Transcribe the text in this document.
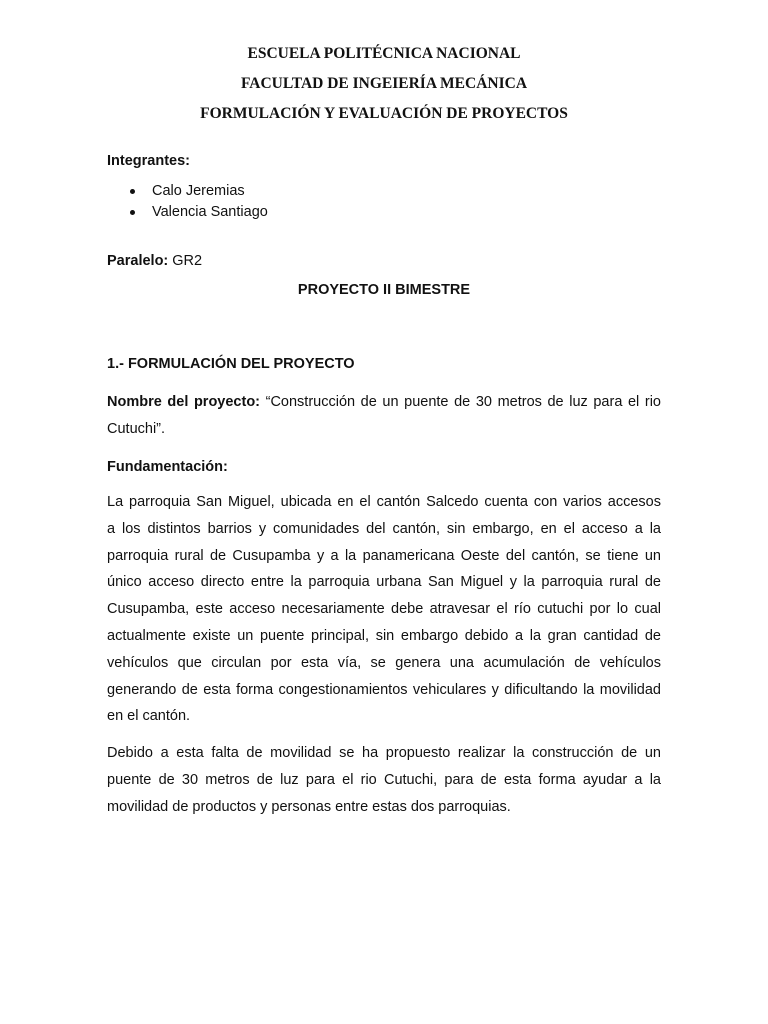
ESCUELA POLITÉCNICA NACIONAL
FACULTAD DE INGEIERÍA MECÁNICA
FORMULACIÓN Y EVALUACIÓN DE PROYECTOS
Integrantes:
Calo Jeremias
Valencia Santiago
Paralelo: GR2
PROYECTO II BIMESTRE
1.- FORMULACIÓN DEL PROYECTO
Nombre del proyecto: “Construcción de un puente de 30 metros de luz para el rio
Cutuchi”.
Fundamentación:
La parroquia San Miguel, ubicada en el cantón Salcedo cuenta con varios accesos
a los distintos barrios y comunidades del cantón, sin embargo, en el acceso a la
parroquia rural de Cusupamba y a la panamericana Oeste del cantón, se tiene un
único acceso directo entre la parroquia urbana San Miguel y la parroquia rural de
Cusupamba, este acceso necesariamente debe atravesar el río cutuchi por lo cual
actualmente existe un puente principal, sin embargo debido a la gran cantidad de
vehículos que circulan por esta vía, se genera una acumulación de vehículos
generando de esta forma congestionamientos vehiculares y dificultando la movilidad
en el cantón.
Debido a esta falta de movilidad se ha propuesto realizar la construcción de un
puente de 30 metros de luz para el rio Cutuchi, para de esta forma ayudar a la
movilidad de productos y personas entre estas dos parroquias.
